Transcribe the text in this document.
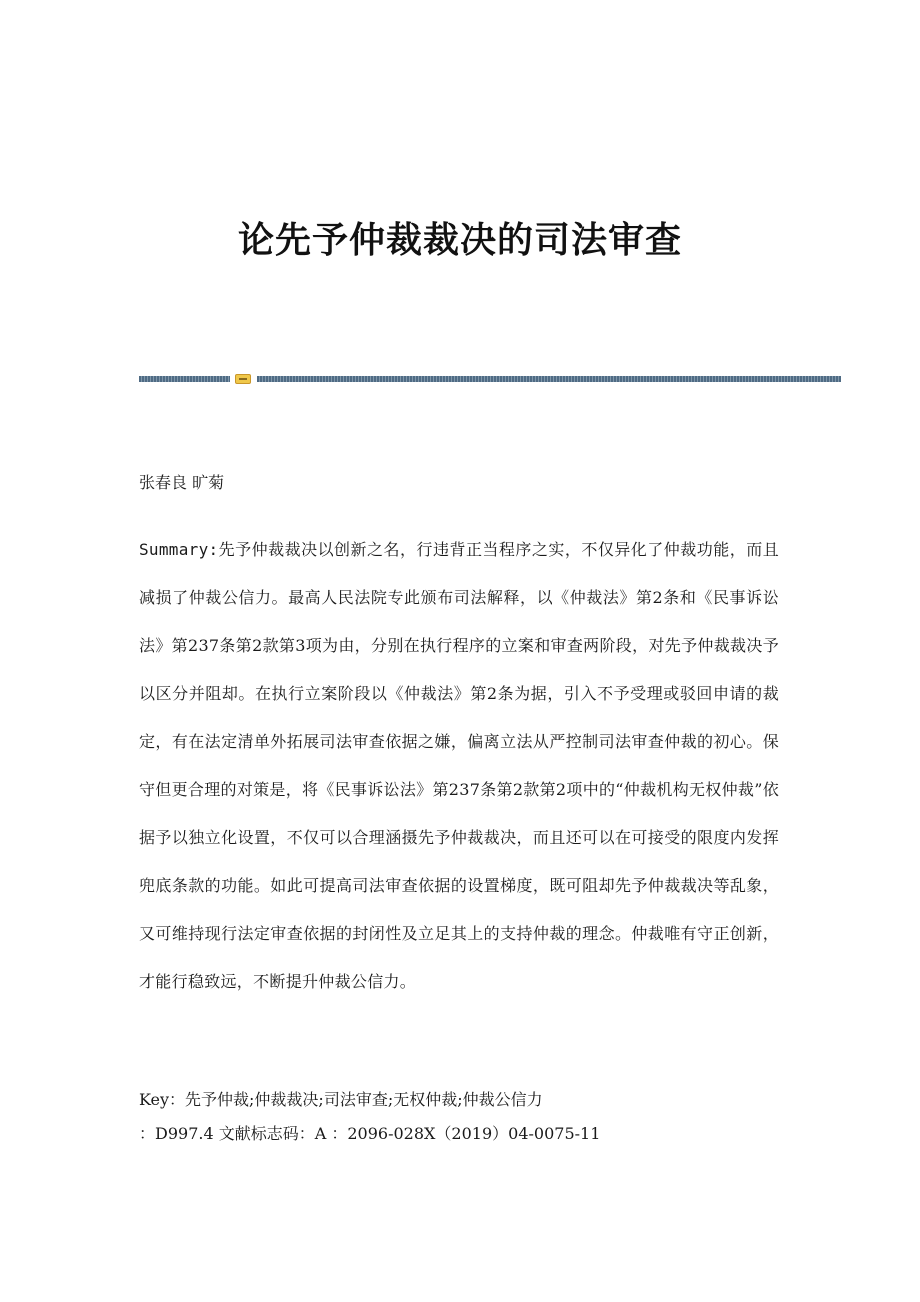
论先予仲裁裁决的司法审查
张春良 旷菊
Summary:先予仲裁裁决以创新之名，行违背正当程序之实，不仅异化了仲裁功能，而且减损了仲裁公信力。最高人民法院专此颁布司法解释，以《仲裁法》第2条和《民事诉讼法》第237条第2款第3项为由，分别在执行程序的立案和审查两阶段，对先予仲裁裁决予以区分并阻却。在执行立案阶段以《仲裁法》第2条为据，引入不予受理或驳回申请的裁定，有在法定清单外拓展司法审查依据之嫌，偏离立法从严控制司法审查仲裁的初心。保守但更合理的对策是，将《民事诉讼法》第237条第2款第2项中的“仲裁机构无权仲裁”依据予以独立化设置，不仅可以合理涵摄先予仲裁裁决，而且还可以在可接受的限度内发挥兜底条款的功能。如此可提高司法审查依据的设置梯度，既可阻却先予仲裁裁决等乱象，又可维持现行法定审查依据的封闭性及立足其上的支持仲裁的理念。仲裁唯有守正创新，才能行稳致远，不断提升仲裁公信力。
Key：先予仲裁;仲裁裁决;司法审查;无权仲裁;仲裁公信力
：D997.4 文献标志码：A ：2096-028X（2019）04-0075-11
